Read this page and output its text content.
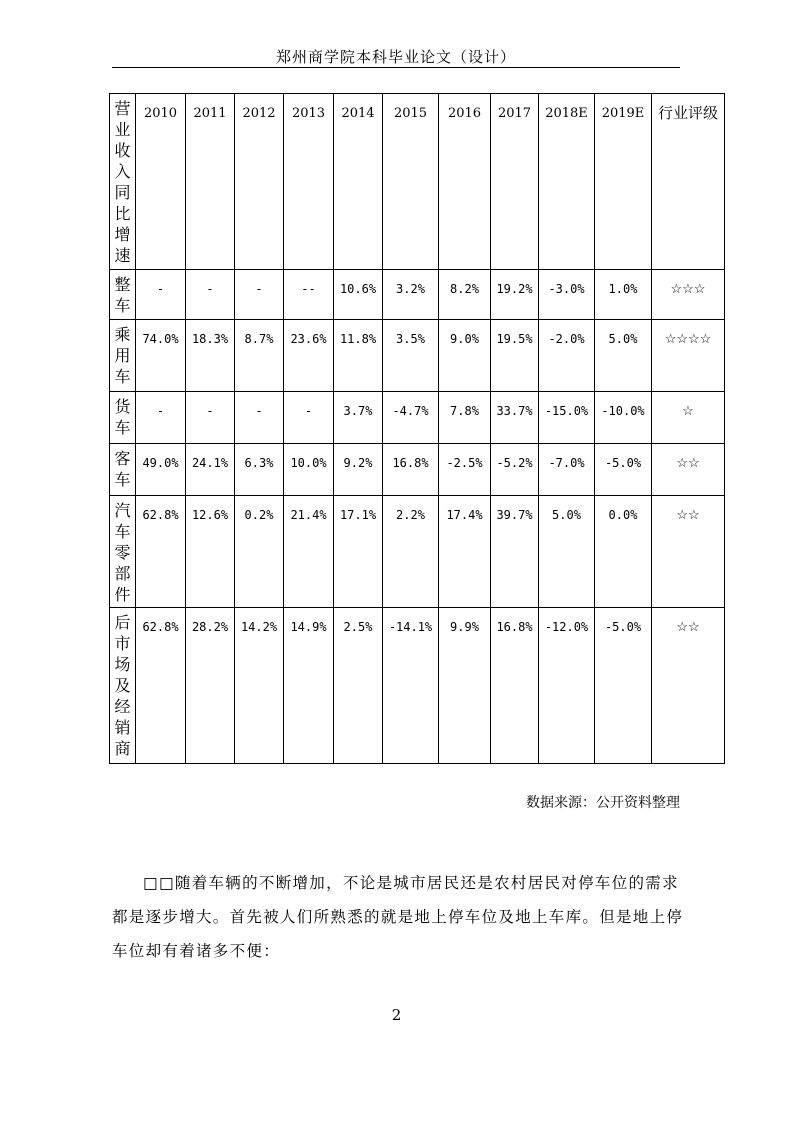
郑州商学院本科毕业论文（设计）
营业收入同比增速	2010	2011	2012	2013	2014	2015	2016	2017	2018E	2019E	行业评级

整车	-	-	-	--	10.6%	3.2%	8.2%	19.2%	-3.0%	1.0%	☆☆☆

乘用车	74.0%	18.3%	8.7%	23.6%	11.8%	3.5%	9.0%	19.5%	-2.0%	5.0%	☆☆☆☆

货车	-	-	-	-	3.7%	-4.7%	7.8%	33.7%	-15.0%	-10.0%	☆

客车	49.0%	24.1%	6.3%	10.0%	9.2%	16.8%	-2.5%	-5.2%	-7.0%	-5.0%	☆☆

汽车零部件	62.8%	12.6%	0.2%	21.4%	17.1%	2.2%	17.4%	39.7%	5.0%	0.0%	☆☆

后市场及经销商	62.8%	28.2%	14.2%	14.9%	2.5%	-14.1%	9.9%	16.8%	-12.0%	-5.0%	☆☆
数据来源：公开资料整理

□□随着车辆的不断增加，不论是城市居民还是农村居民对停车位的需求都是逐步增大。首先被人们所熟悉的就是地上停车位及地上车库。但是地上停车位却有着诸多不便：

2
